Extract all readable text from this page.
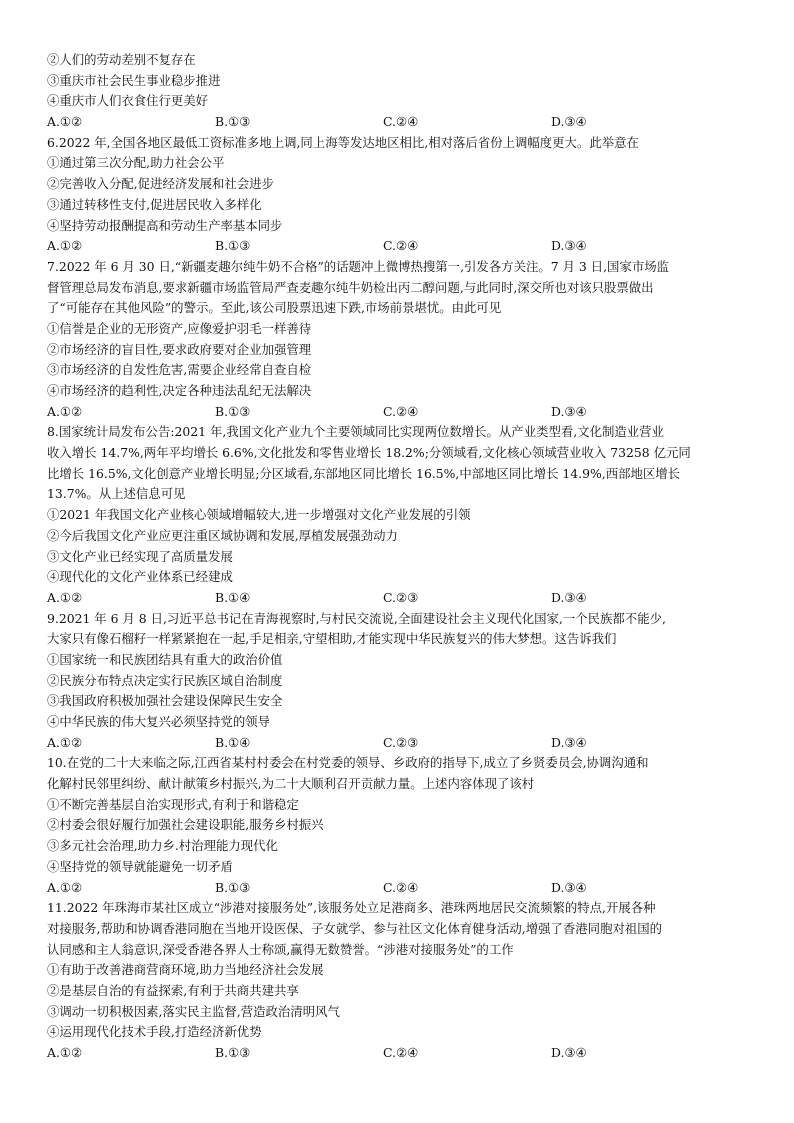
②人们的劳动差别不复存在
③重庆市社会民生事业稳步推进
④重庆市人们衣食住行更美好
A.①②	B.①③	C.②④	D.③④
6.2022 年,全国各地区最低工资标准多地上调,同上海等发达地区相比,相对落后省份上调幅度更大。此举意在
①通过第三次分配,助力社会公平
②完善收入分配,促进经济发展和社会进步
③通过转移性支付,促进居民收入多样化
④坚持劳动报酬提高和劳动生产率基本同步
A.①②	B.①③	C.②④	D.③④
7.2022 年 6 月 30 日,“新疆麦趣尔纯牛奶不合格”的话题冲上微博热搜第一,引发各方关注。7 月 3 日,国家市场监
督管理总局发布消息,要求新疆市场监管局严查麦趣尔纯牛奶检出丙二醇问题,与此同时,深交所也对该只股票做出
了“可能存在其他风险”的警示。至此,该公司股票迅速下跌,市场前景堪忧。由此可见
①信誉是企业的无形资产,应像爱护羽毛一样善待
②市场经济的盲目性,要求政府要对企业加强管理
③市场经济的自发性危害,需要企业经常自查自检
④市场经济的趋利性,决定各种违法乱纪无法解决
A.①②	B.①③	C.②④	D.③④
8.国家统计局发布公告:2021 年,我国文化产业九个主要领域同比实现两位数增长。从产业类型看,文化制造业营业
收入增长 14.7%,两年平均增长 6.6%,文化批发和零售业增长 18.2%;分领域看,文化核心领域营业收入 73258 亿元同
比增长 16.5%,文化创意产业增长明显;分区域看,东部地区同比增长 16.5%,中部地区同比增长 14.9%,西部地区增长
13.7%。从上述信息可见
①2021 年我国文化产业核心领域增幅较大,进一步增强对文化产业发展的引领
②今后我国文化产业应更注重区域协调和发展,厚植发展强劲动力
③文化产业已经实现了高质量发展
④现代化的文化产业体系已经建成
A.①②	B.①④	C.②③	D.③④
9.2021 年 6 月 8 日,习近平总书记在青海视察时,与村民交流说,全面建设社会主义现代化国家,一个民族都不能少,
大家只有像石榴籽一样紧紧抱在一起,手足相亲,守望相助,才能实现中华民族复兴的伟大梦想。这告诉我们
①国家统一和民族团结具有重大的政治价值
②民族分布特点决定实行民族区域自治制度
③我国政府积极加强社会建设保障民生安全
④中华民族的伟大复兴必须坚持党的领导
A.①②	B.①④	C.②③	D.③④
10.在党的二十大来临之际,江西省某村村委会在村党委的领导、乡政府的指导下,成立了乡贤委员会,协调沟通和
化解村民邻里纠纷、献计献策乡村振兴,为二十大顺利召开贡献力量。上述内容体现了该村
①不断完善基层自治实现形式,有利于和谐稳定
②村委会很好履行加强社会建设职能,服务乡村振兴
③多元社会治理,助力乡.村治理能力现代化
④坚持党的领导就能避免一切矛盾
A.①②	B.①③	C.②④	D.③④
11.2022 年珠海市某社区成立“涉港对接服务处”,该服务处立足港商多、港珠两地居民交流频繁的特点,开展各种
对接服务,帮助和协调香港同胞在当地开设医保、子女就学、参与社区文化体育健身活动,增强了香港同胞对祖国的
认同感和主人翁意识,深受香港各界人士称颂,赢得无数赞誉。“涉港对接服务处”的工作
①有助于改善港商营商环境,助力当地经济社会发展
②是基层自治的有益探索,有利于共商共建共享
③调动一切积极因素,落实民主监督,营造政治清明风气
④运用现代化技术手段,打造经济新优势
A.①②	B.①③	C.②④	D.③④
